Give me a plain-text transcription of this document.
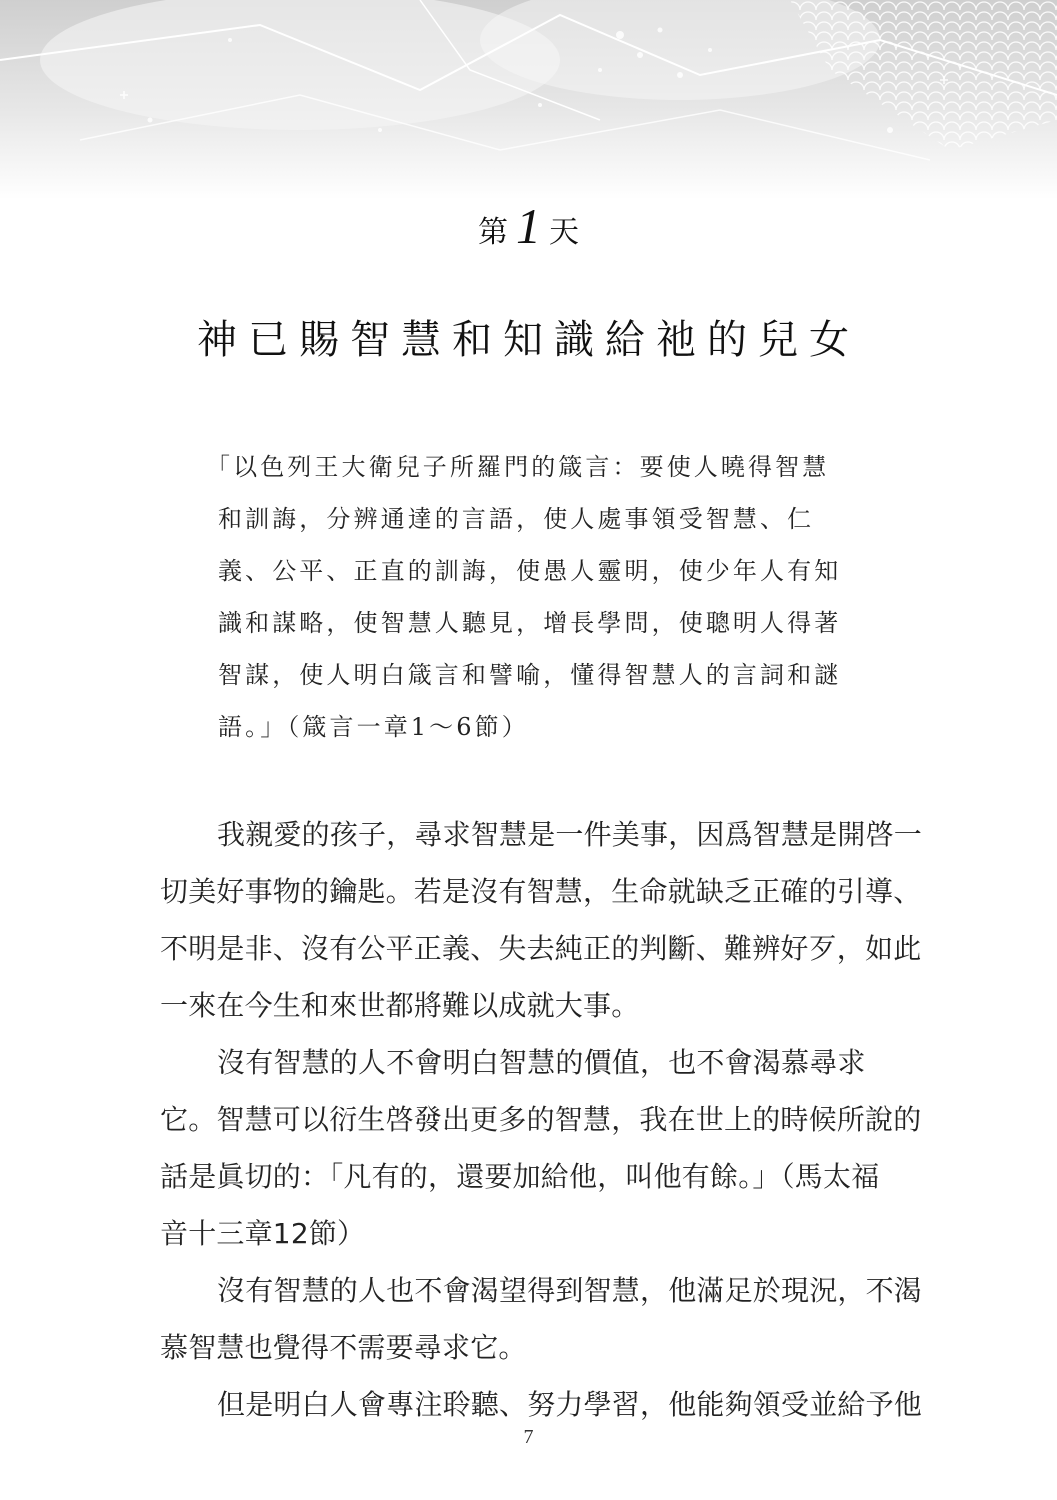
第 1 天
神已賜智慧和知識給祂的兒女
「以色列王大衛兒子所羅門的箴言：要使人曉得智慧
和訓誨，分辨通達的言語，使人處事領受智慧、仁
義、公平、正直的訓誨，使愚人靈明，使少年人有知
識和謀略，使智慧人聽見，增長學問，使聰明人得著
智謀，使人明白箴言和譬喻，懂得智慧人的言詞和謎
語。」（箴言一章1～6節）
我親愛的孩子，尋求智慧是一件美事，因爲智慧是開啓一
切美好事物的鑰匙。若是沒有智慧，生命就缺乏正確的引導、
不明是非、沒有公平正義、失去純正的判斷、難辨好歹，如此
一來在今生和來世都將難以成就大事。
沒有智慧的人不會明白智慧的價值，也不會渴慕尋求
它。智慧可以衍生啓發出更多的智慧，我在世上的時候所說的
話是眞切的：「凡有的，還要加給他，叫他有餘。」（馬太福
音十三章12節）
沒有智慧的人也不會渴望得到智慧，他滿足於現況，不渴
慕智慧也覺得不需要尋求它。
但是明白人會專注聆聽、努力學習，他能夠領受並給予他
7
